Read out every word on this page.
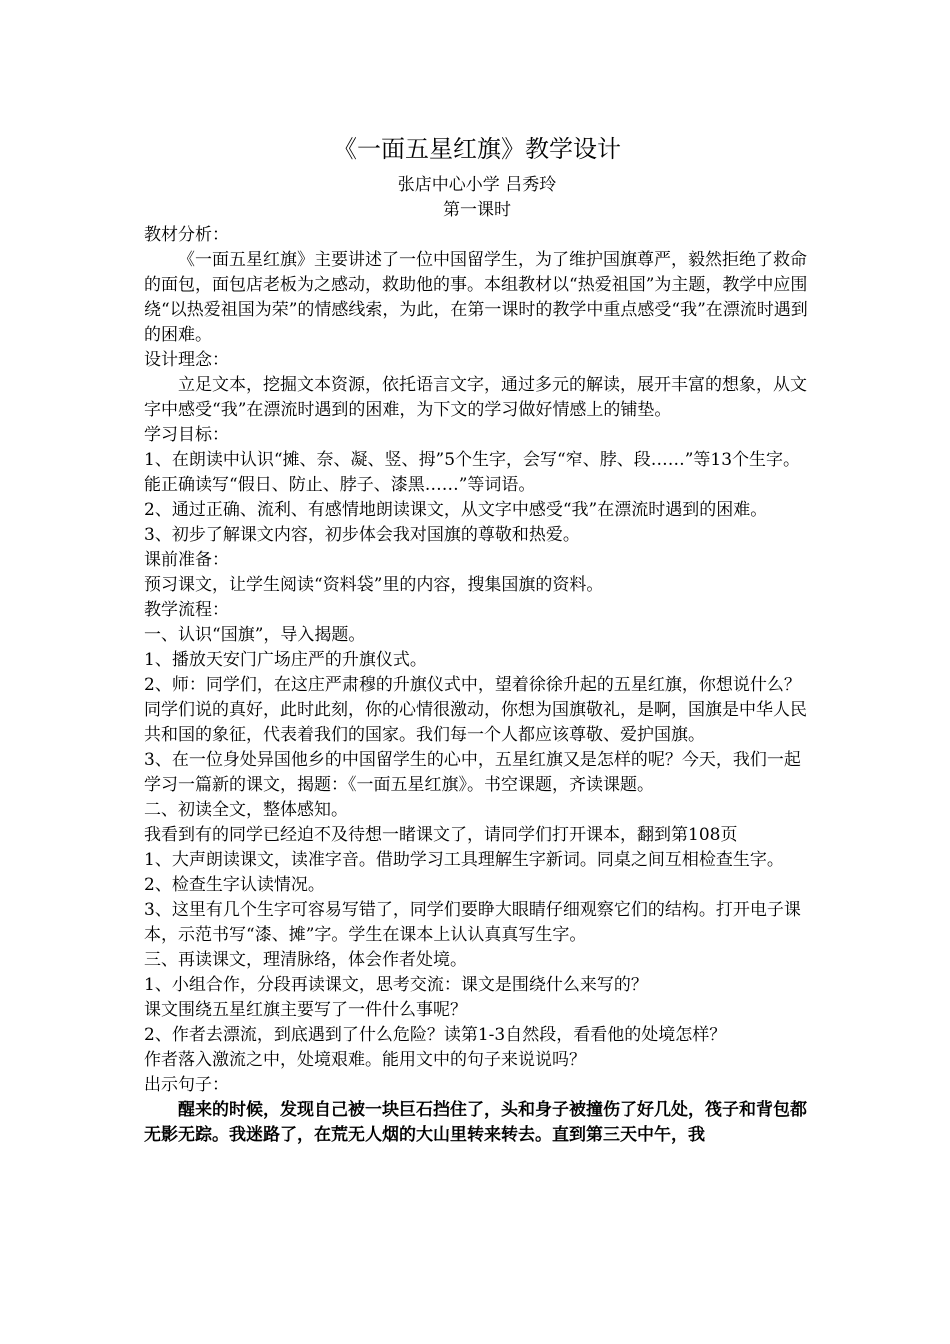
《一面五星红旗》教学设计
张店中心小学 吕秀玲
第一课时
教材分析：
《一面五星红旗》主要讲述了一位中国留学生，为了维护国旗尊严，毅然拒绝了救命的面包，面包店老板为之感动，救助他的事。本组教材以“热爱祖国”为主题，教学中应围绕“以热爱祖国为荣”的情感线索，为此，在第一课时的教学中重点感受“我”在漂流时遇到的困难。
设计理念：
立足文本，挖掘文本资源，依托语言文字，通过多元的解读，展开丰富的想象，从文字中感受“我”在漂流时遇到的困难，为下文的学习做好情感上的铺垫。
学习目标：
1、在朗读中认识“摊、奈、凝、竖、拇”5个生字，会写“窄、脖、段……”等13个生字。能正确读写“假日、防止、脖子、漆黑……”等词语。
2、通过正确、流利、有感情地朗读课文，从文字中感受“我”在漂流时遇到的困难。
3、初步了解课文内容，初步体会我对国旗的尊敬和热爱。
课前准备：
预习课文，让学生阅读“资料袋”里的内容，搜集国旗的资料。
教学流程：
一、认识“国旗”，导入揭题。
1、播放天安门广场庄严的升旗仪式。
2、师：同学们，在这庄严肃穆的升旗仪式中，望着徐徐升起的五星红旗，你想说什么？
同学们说的真好，此时此刻，你的心情很激动，你想为国旗敬礼，是啊，国旗是中华人民共和国的象征，代表着我们的国家。我们每一个人都应该尊敬、爱护国旗。
3、在一位身处异国他乡的中国留学生的心中，五星红旗又是怎样的呢？今天，我们一起学习一篇新的课文，揭题：《一面五星红旗》。书空课题，齐读课题。
二、初读全文，整体感知。
我看到有的同学已经迫不及待想一睹课文了，请同学们打开课本，翻到第108页
1、大声朗读课文，读准字音。借助学习工具理解生字新词。同桌之间互相检查生字。
2、检查生字认读情况。
3、这里有几个生字可容易写错了，同学们要睁大眼睛仔细观察它们的结构。打开电子课本，示范书写“漆、摊”字。学生在课本上认认真真写生字。
三、再读课文，理清脉络，体会作者处境。
1、小组合作，分段再读课文，思考交流：课文是围绕什么来写的？
课文围绕五星红旗主要写了一件什么事呢？
2、作者去漂流，到底遇到了什么危险？读第1-3自然段，看看他的处境怎样？
作者落入激流之中，处境艰难。能用文中的句子来说说吗？
出示句子：
醒来的时候，发现自己被一块巨石挡住了，头和身子被撞伤了好几处，筏子和背包都无影无踪。我迷路了，在荒无人烟的大山里转来转去。直到第三天中午，我
